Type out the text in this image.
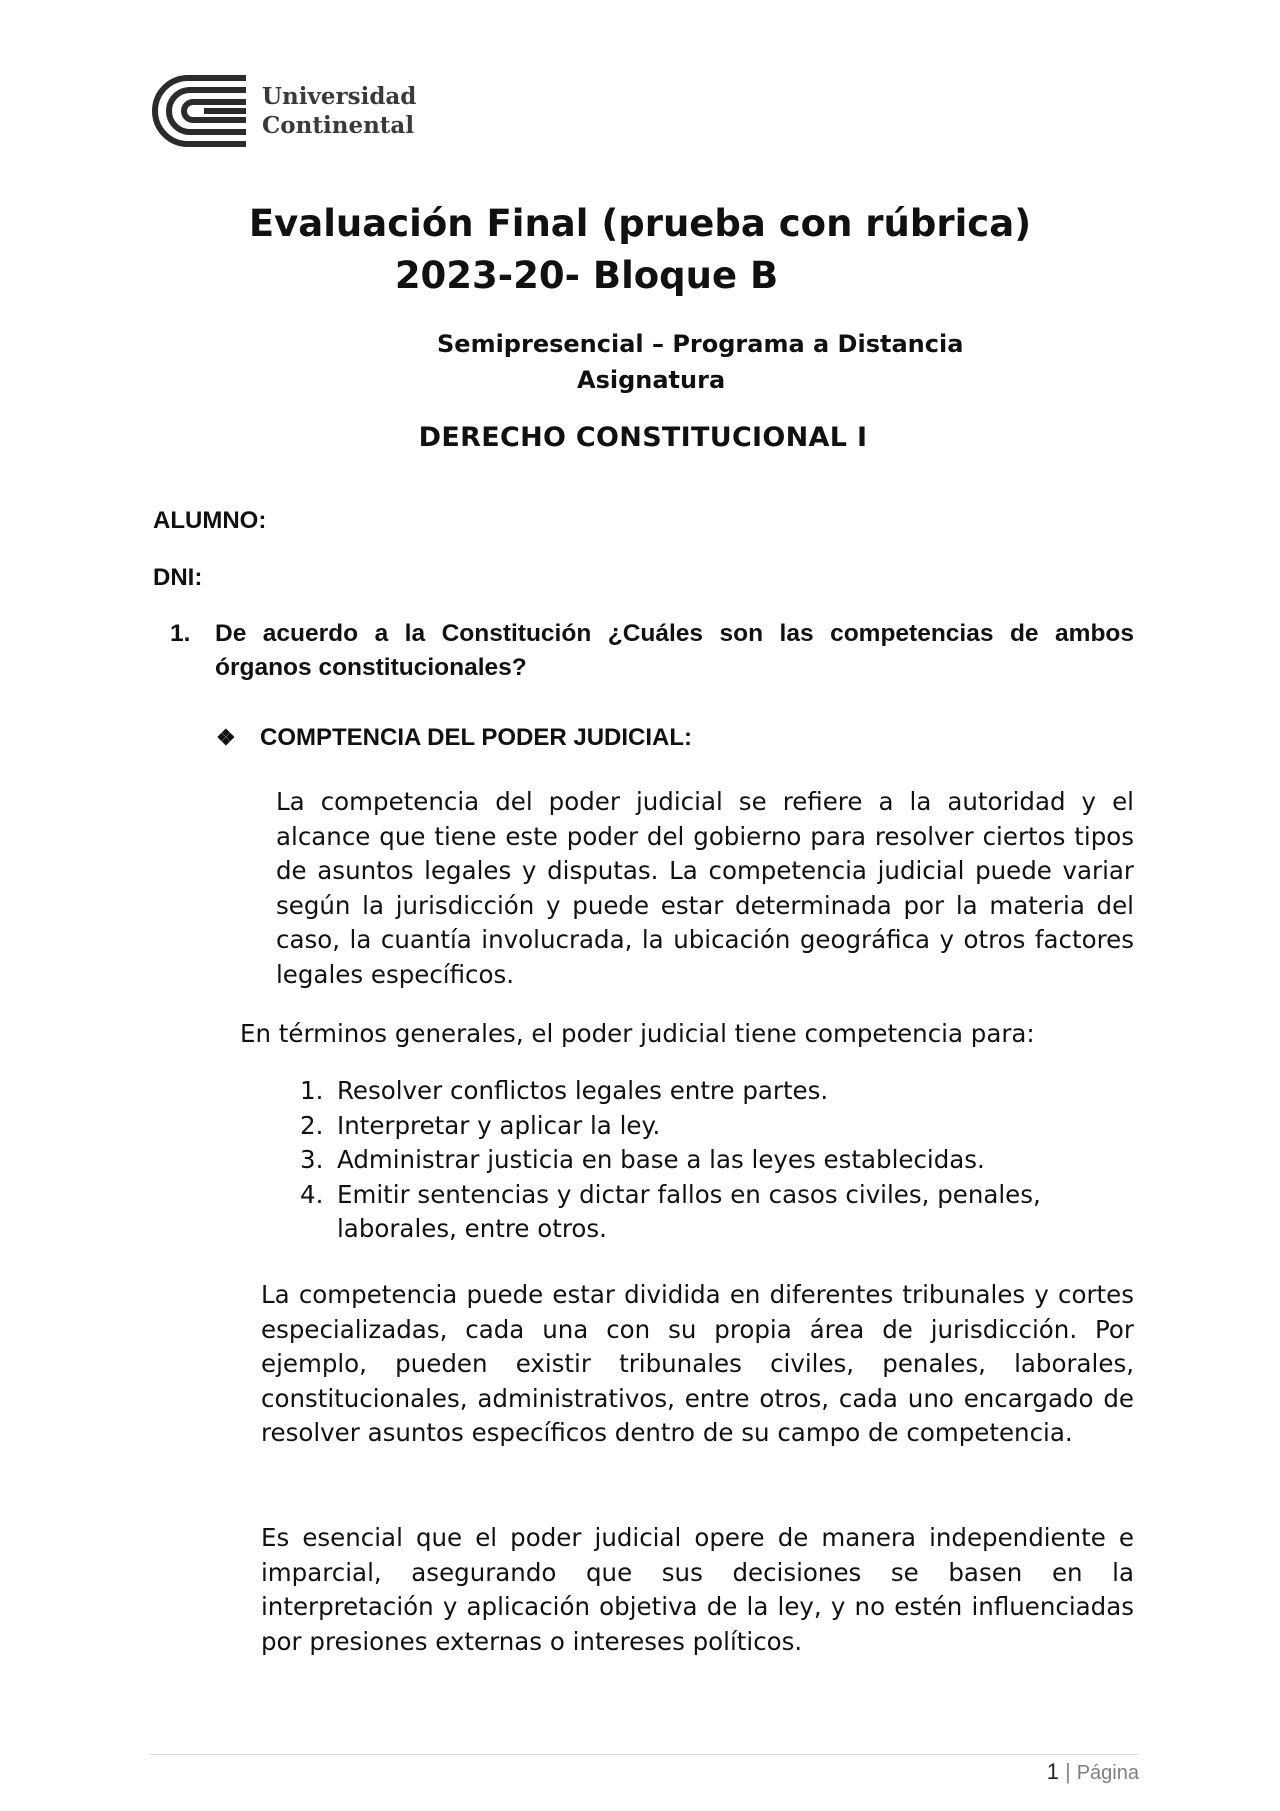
Universidad
Continental
Evaluación Final (prueba con rúbrica)
2023-20- Bloque B
Semipresencial – Programa a Distancia
Asignatura
DERECHO CONSTITUCIONAL I
ALUMNO:
DNI:
1.	De acuerdo a la Constitución ¿Cuáles son las competencias de ambos órganos constitucionales?
❖	COMPTENCIA DEL PODER JUDICIAL:
La competencia del poder judicial se refiere a la autoridad y el alcance que tiene este poder del gobierno para resolver ciertos tipos de asuntos legales y disputas. La competencia judicial puede variar según la jurisdicción y puede estar determinada por la materia del caso, la cuantía involucrada, la ubicación geográfica y otros factores legales específicos.
En términos generales, el poder judicial tiene competencia para:
1. Resolver conflictos legales entre partes.
2. Interpretar y aplicar la ley.
3. Administrar justicia en base a las leyes establecidas.
4. Emitir sentencias y dictar fallos en casos civiles, penales, laborales, entre otros.
La competencia puede estar dividida en diferentes tribunales y cortes especializadas, cada una con su propia área de jurisdicción. Por ejemplo, pueden existir tribunales civiles, penales, laborales, constitucionales, administrativos, entre otros, cada uno encargado de resolver asuntos específicos dentro de su campo de competencia.
Es esencial que el poder judicial opere de manera independiente e imparcial, asegurando que sus decisiones se basen en la interpretación y aplicación objetiva de la ley, y no estén influenciadas por presiones externas o intereses políticos.
1 | Página
